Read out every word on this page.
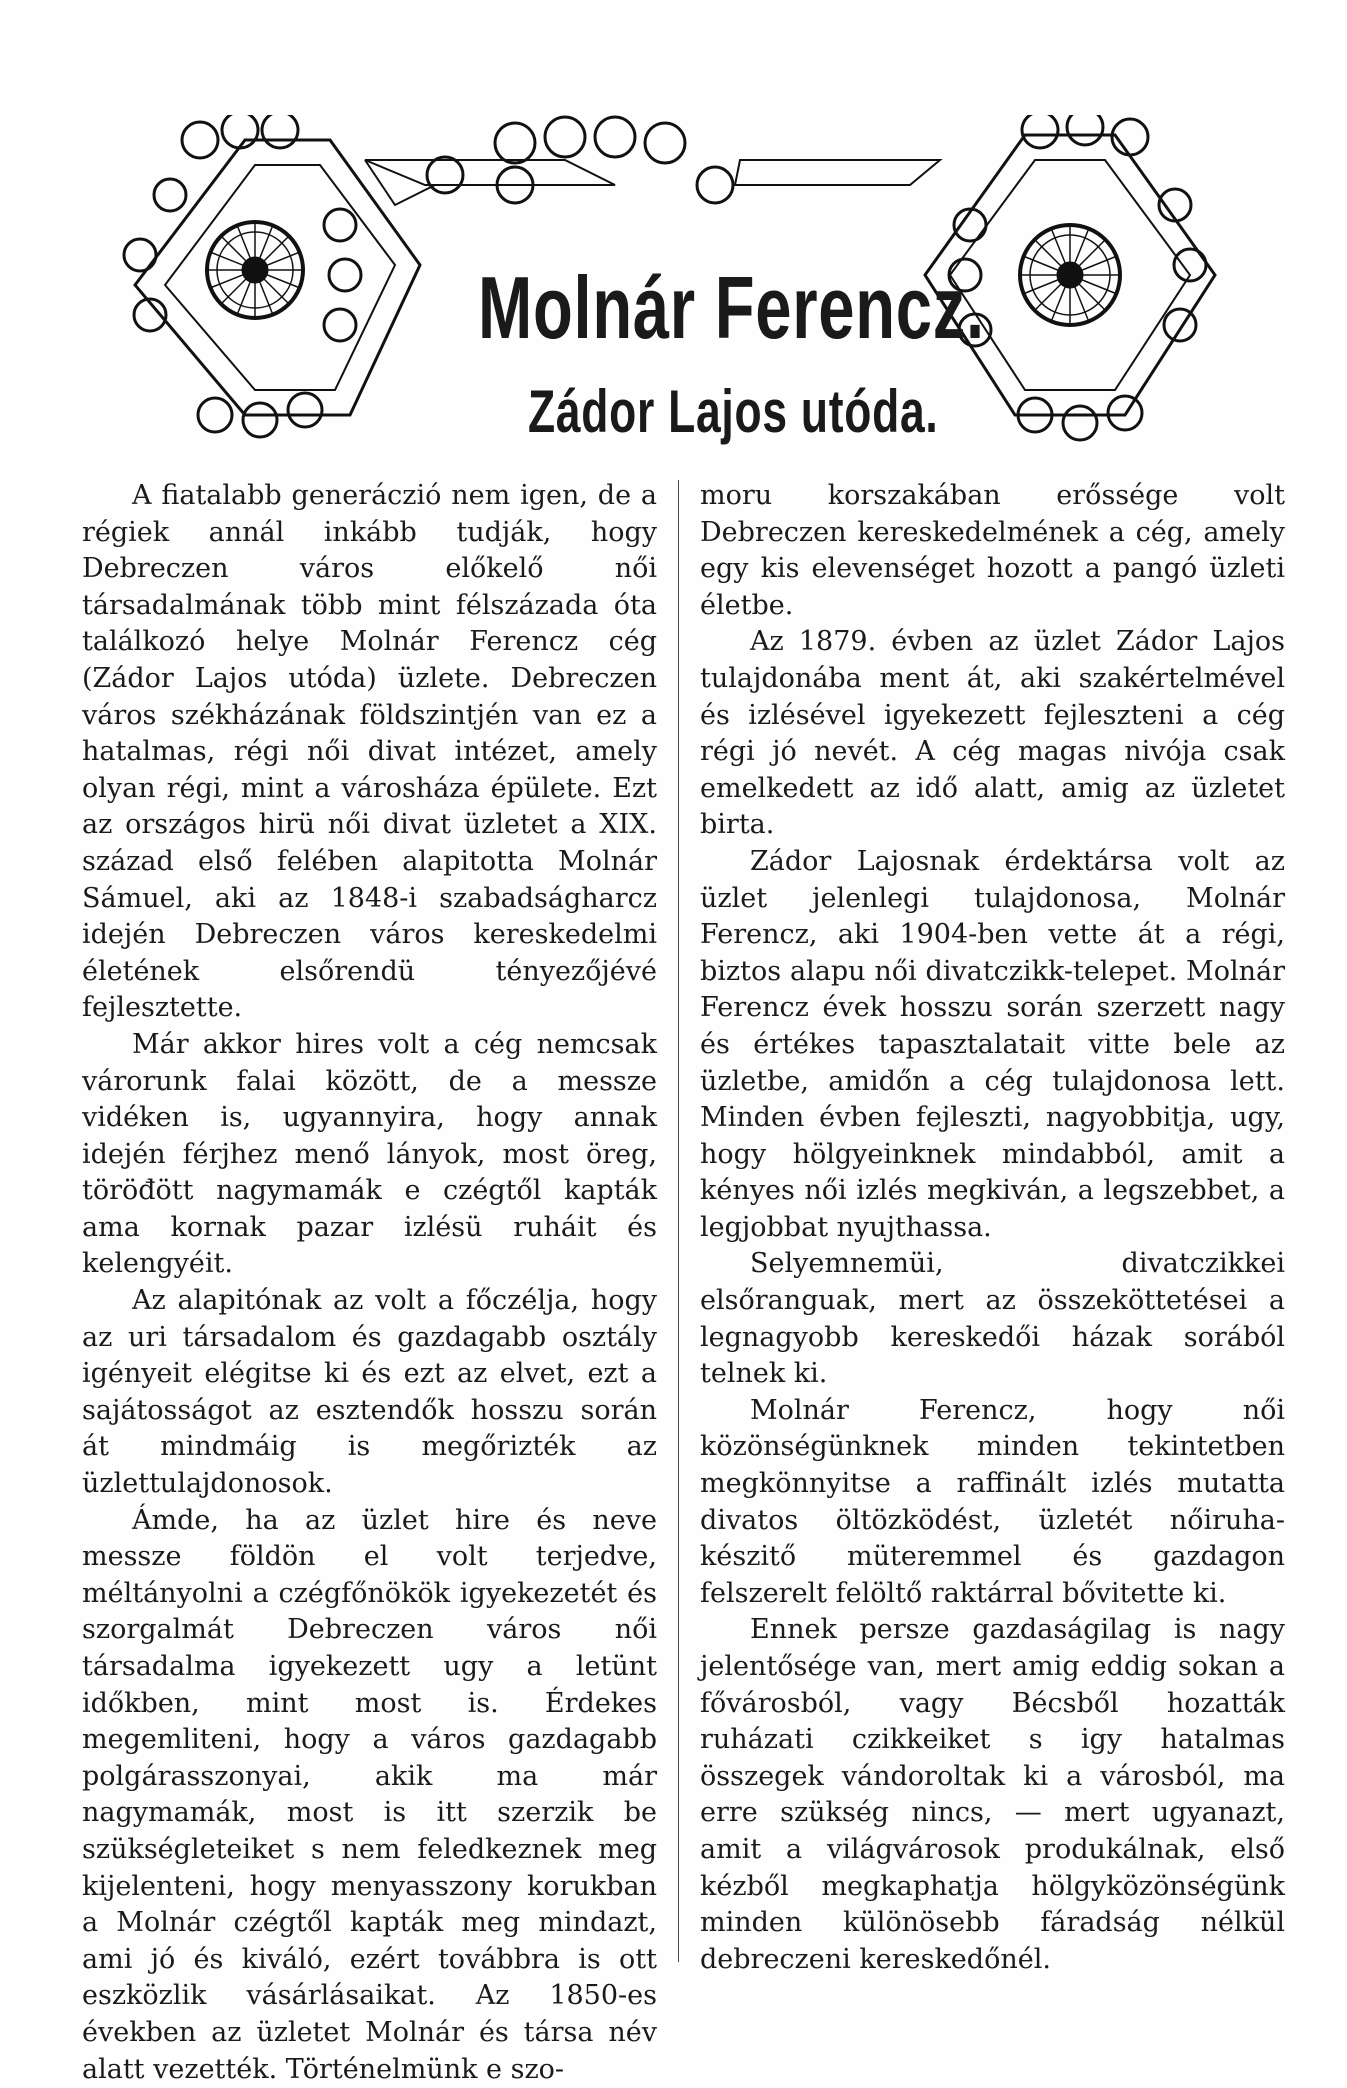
Molnár Ferencz.
Zádor Lajos utóda.

A fiatalabb generáczió nem igen, de a régiek annál inkább tudják, hogy Debreczen város előkelő női társadalmának több mint félszázada óta találkozó helye Molnár Ferencz cég (Zádor Lajos utóda) üzlete. Debreczen város székházának földszintjén van ez a hatalmas, régi női divat intézet, amely olyan régi, mint a városháza épülete. Ezt az országos hirü női divat üzletet a XIX. század első felében alapitotta Molnár Sámuel, aki az 1848-i szabadságharcz idején Debreczen város kereskedelmi életének elsőrendü tényezőjévé fejlesztette.

Már akkor hires volt a cég nemcsak várorunk falai között, de a messze vidéken is, ugyannyira, hogy annak idején férjhez menő lányok, most öreg, töröđött nagymamák e czégtől kapták ama kornak pazar izlésü ruháit és kelengyéit.

Az alapitónak az volt a főczélja, hogy az uri társadalom és gazdagabb osztály igényeit elégitse ki és ezt az elvet, ezt a sajátosságot az esztendők hosszu során át mindmáig is megőrizték az üzlettulajdonosok.

Ámde, ha az üzlet hire és neve messze földön el volt terjedve, méltányolni a czégfőnökök igyekezetét és szorgalmát Debreczen város női társadalma igyekezett ugy a letünt időkben, mint most is. Érdekes megemliteni, hogy a város gazdagabb polgárasszonyai, akik ma már nagymamák, most is itt szerzik be szükségleteiket s nem feledkeznek meg kijelenteni, hogy menyasszony korukban a Molnár czégtől kapták meg mindazt, ami jó és kiváló, ezért továbbra is ott eszközlik vásárlásaikat. Az 1850-es években az üzletet Molnár és társa név alatt vezették. Történelmünk e szo-

moru korszakában erőssége volt Debreczen kereskedelmének a cég, amely egy kis elevenséget hozott a pangó üzleti életbe.

Az 1879. évben az üzlet Zádor Lajos tulajdonába ment át, aki szakértelmével és izlésével igyekezett fejleszteni a cég régi jó nevét. A cég magas nivója csak emelkedett az idő alatt, amig az üzletet birta.

Zádor Lajosnak érdektársa volt az üzlet jelenlegi tulajdonosa, Molnár Ferencz, aki 1904-ben vette át a régi, biztos alapu női divatczikk-telepet. Molnár Ferencz évek hosszu során szerzett nagy és értékes tapasztalatait vitte bele az üzletbe, amidőn a cég tulajdonosa lett. Minden évben fejleszti, nagyobbitja, ugy, hogy hölgyeinknek mindabból, amit a kényes női izlés megkiván, a legszebbet, a legjobbat nyujthassa.

Selyemnemüi, divatczikkei elsőranguak, mert az összeköttetései a legnagyobb kereskedői házak sorából telnek ki.

Molnár Ferencz, hogy női közönségünknek minden tekintetben megkönnyitse a raffinált izlés mutatta divatos öltözködést, üzletét nőiruha-készitő müteremmel és gazdagon felszerelt felöltő raktárral bővitette ki.

Ennek persze gazdaságilag is nagy jelentősége van, mert amig eddig sokan a fővárosból, vagy Bécsből hozatták ruházati czikkeiket s igy hatalmas összegek vándoroltak ki a városból, ma erre szükség nincs, — mert ugyanazt, amit a világvárosok produkálnak, első kézből megkaphatja hölgyközönségünk minden különösebb fáradság nélkül debreczeni kereskedőnél.
